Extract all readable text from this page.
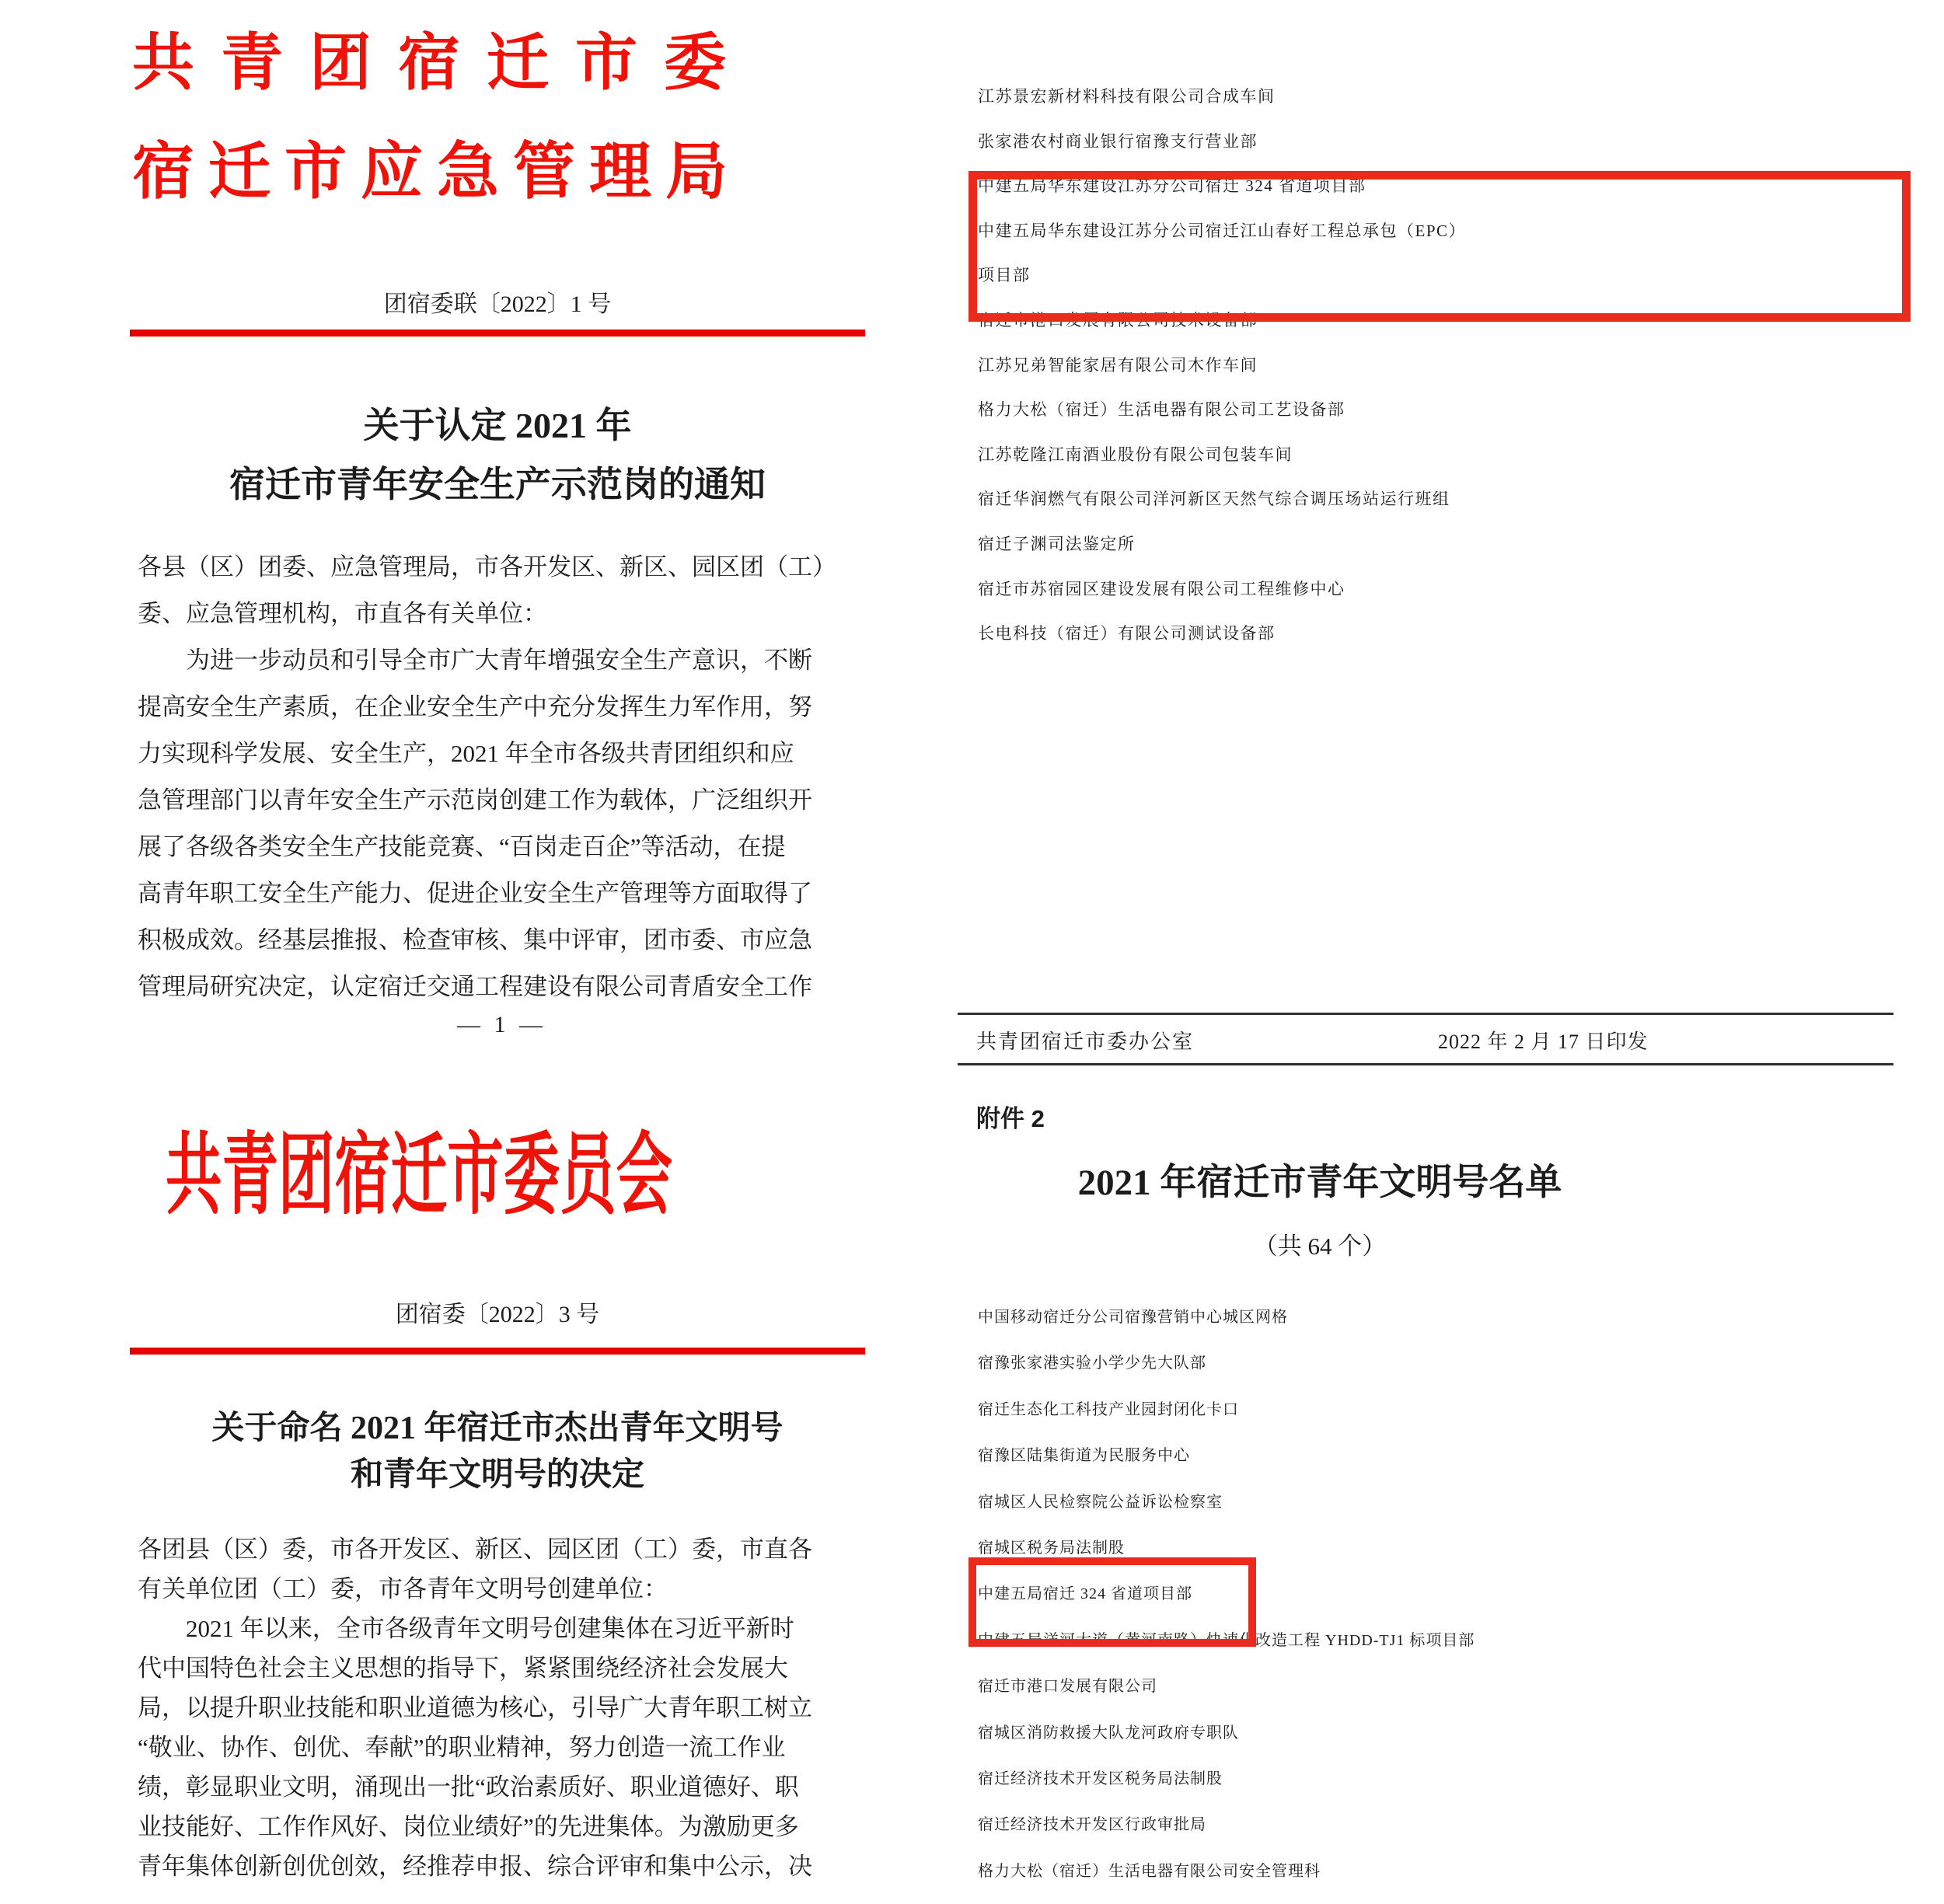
共青团宿迁市委
宿迁市应急管理局
团宿委联〔2022〕1 号
关于认定 2021 年
宿迁市青年安全生产示范岗的通知
各县（区）团委、应急管理局，市各开发区、新区、园区团（工）
委、应急管理机构，市直各有关单位：
　　为进一步动员和引导全市广大青年增强安全生产意识，不断
提高安全生产素质，在企业安全生产中充分发挥生力军作用，努
力实现科学发展、安全生产，2021 年全市各级共青团组织和应
急管理部门以青年安全生产示范岗创建工作为载体，广泛组织开
展了各级各类安全生产技能竞赛、“百岗走百企”等活动，在提
高青年职工安全生产能力、促进企业安全生产管理等方面取得了
积极成效。经基层推报、检查审核、集中评审，团市委、市应急
管理局研究决定，认定宿迁交通工程建设有限公司青盾安全工作
— 1 —
共青团宿迁市委员会
团宿委〔2022〕3 号
关于命名 2021 年宿迁市杰出青年文明号
和青年文明号的决定
各团县（区）委，市各开发区、新区、园区团（工）委，市直各
有关单位团（工）委，市各青年文明号创建单位：
　　2021 年以来，全市各级青年文明号创建集体在习近平新时
代中国特色社会主义思想的指导下，紧紧围绕经济社会发展大
局，以提升职业技能和职业道德为核心，引导广大青年职工树立
“敬业、协作、创优、奉献”的职业精神，努力创造一流工作业
绩，彰显职业文明，涌现出一批“政治素质好、职业道德好、职
业技能好、工作作风好、岗位业绩好”的先进集体。为激励更多
青年集体创新创优创效，经推荐申报、综合评审和集中公示，决
江苏景宏新材料科技有限公司合成车间
张家港农村商业银行宿豫支行营业部
中建五局华东建设江苏分公司宿迁 324 省道项目部
中建五局华东建设江苏分公司宿迁江山春好工程总承包（EPC）
项目部
宿迁市港口发展有限公司技术设备部
江苏兄弟智能家居有限公司木作车间
格力大松（宿迁）生活电器有限公司工艺设备部
江苏乾隆江南酒业股份有限公司包装车间
宿迁华润燃气有限公司洋河新区天然气综合调压场站运行班组
宿迁子渊司法鉴定所
宿迁市苏宿园区建设发展有限公司工程维修中心
长电科技（宿迁）有限公司测试设备部
共青团宿迁市委办公室	2022 年 2 月 17 日印发
附件 2
2021 年宿迁市青年文明号名单
（共 64 个）
中国移动宿迁分公司宿豫营销中心城区网格
宿豫张家港实验小学少先大队部
宿迁生态化工科技产业园封闭化卡口
宿豫区陆集街道为民服务中心
宿城区人民检察院公益诉讼检察室
宿城区税务局法制股
中建五局宿迁 324 省道项目部
中建五局洋河大道（黄河南路）快速化改造工程 YHDD-TJ1 标项目部
宿迁市港口发展有限公司
宿城区消防救援大队龙河政府专职队
宿迁经济技术开发区税务局法制股
宿迁经济技术开发区行政审批局
格力大松（宿迁）生活电器有限公司安全管理科
